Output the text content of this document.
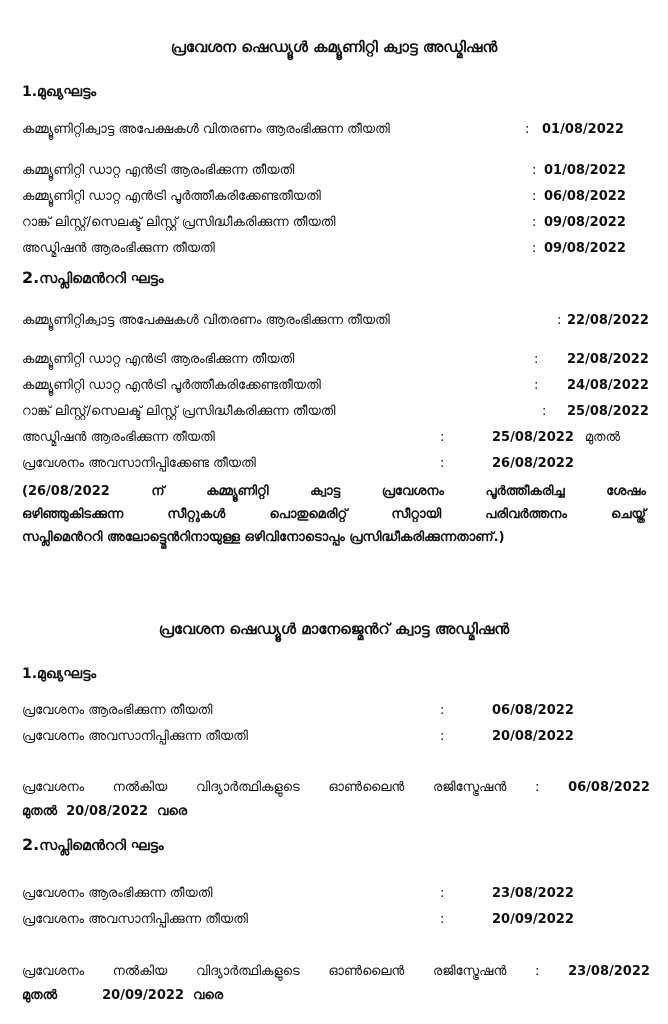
പ്രവേശന ഷെഡ്യൂൾ കമ്യൂണിറ്റി ക്വാട്ട അഡ്മിഷൻ
1.മുഖ്യഘട്ടം
കമ്മ്യൂണിറ്റിക്വാട്ട അപേക്ഷകൾ വിതരണം ആരംഭിക്കുന്ന തീയതി	: 01/08/2022
കമ്മ്യൂണിറ്റി ഡാറ്റ എൻട്രി ആരംഭിക്കുന്ന തീയതി	: 01/08/2022
കമ്മ്യൂണിറ്റി ഡാറ്റ എൻട്രി പൂർത്തീകരിക്കേണ്ടതീയതി	: 06/08/2022
റാങ്ക് ലിസ്റ്റ്/സെലക്ട് ലിസ്റ്റ് പ്രസിദ്ധീകരിക്കുന്ന തീയതി	: 09/08/2022
അഡ്മിഷൻ ആരംഭിക്കുന്ന തീയതി	: 09/08/2022
2.സപ്ലിമെൻററി ഘട്ടം
കമ്മ്യൂണിറ്റിക്വാട്ട അപേക്ഷകൾ വിതരണം ആരംഭിക്കുന്ന തീയതി	: 22/08/2022
കമ്മ്യൂണിറ്റി ഡാറ്റ എൻട്രി ആരംഭിക്കുന്ന തീയതി	: 22/08/2022
കമ്മ്യൂണിറ്റി ഡാറ്റ എൻട്രി പൂർത്തീകരിക്കേണ്ടതീയതി	: 24/08/2022
റാങ്ക് ലിസ്റ്റ്/സെലക്ട് ലിസ്റ്റ് പ്രസിദ്ധീകരിക്കുന്ന തീയതി	: 25/08/2022
അഡ്മിഷൻ ആരംഭിക്കുന്ന തീയതി	:	25/08/2022 മുതൽ
പ്രവേശനം അവസാനിപ്പിക്കേണ്ട തീയതി	:	26/08/2022
(26/08/2022	ന്	കമ്മ്യൂണിറ്റി	ക്വാട്ട	പ്രവേശനം	പൂർത്തീകരിച്ച	ശേഷം
ഒഴിഞ്ഞുകിടക്കുന്ന	സീറ്റുകൾ	പൊതുമെരിറ്റ്	സീറ്റായി	പരിവർത്തനം	ചെയ്ത്
സപ്ലിമെൻററി അലോട്ട്മെൻറിനായുള്ള ഒഴിവിനോടൊപ്പം പ്രസിദ്ധീകരിക്കുന്നതാണ്.)
പ്രവേശന ഷെഡ്യൂൾ മാനേജ്മെൻറ് ക്വാട്ട അഡ്മിഷൻ
1.മുഖ്യഘട്ടം
പ്രവേശനം ആരംഭിക്കുന്ന തീയതി	:	06/08/2022
പ്രവേശനം അവസാനിപ്പിക്കുന്ന തീയതി	:	20/08/2022
പ്രവേശനം നൽകിയ വിദ്യാർത്ഥികളുടെ ഓൺലൈൻ രജിസ്ട്രേഷൻ : 06/08/2022
മുതൽ 20/08/2022 വരെ
2.സപ്ലിമെൻററി ഘട്ടം
പ്രവേശനം ആരംഭിക്കുന്ന തീയതി	:	23/08/2022
പ്രവേശനം അവസാനിപ്പിക്കുന്ന തീയതി	:	20/09/2022
പ്രവേശനം നൽകിയ വിദ്യാർത്ഥികളുടെ ഓൺലൈൻ രജിസ്ട്രേഷൻ : 23/08/2022
മുതൽ	20/09/2022 വരെ
